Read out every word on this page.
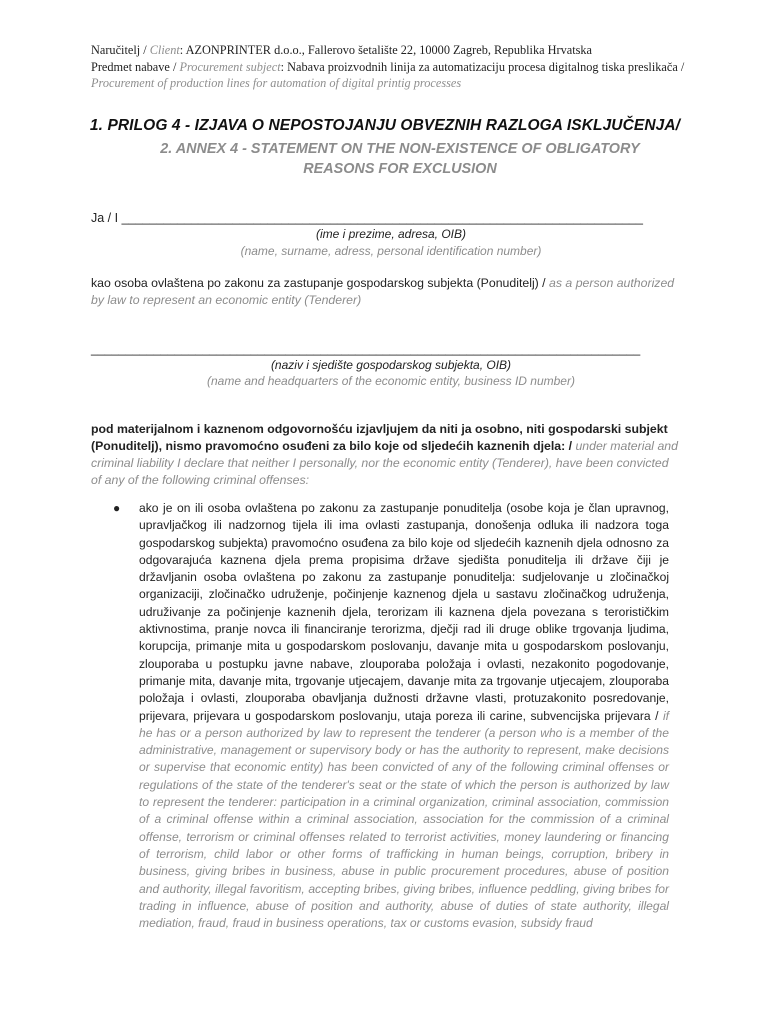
Naručitelj / Client: AZONPRINTER d.o.o., Fallerovo šetalište 22, 10000 Zagreb, Republika Hrvatska
Predmet nabave / Procurement subject: Nabava proizvodnih linija za automatizaciju procesa digitalnog tiska preslikača / Procurement of production lines for automation of digital printig processes
1. PRILOG 4 - IZJAVA O NEPOSTOJANJU OBVEZNIH RAZLOGA ISKLJUČENJA/
2. ANNEX 4 - STATEMENT ON THE NON-EXISTENCE OF OBLIGATORY REASONS FOR EXCLUSION
Ja / I ___________________________________________________________________________
(ime i prezime, adresa, OIB)
(name, surname, adress, personal identification number)
kao osoba ovlaštena po zakonu za zastupanje gospodarskog subjekta (Ponuditelj) / as a person authorized by law to represent an economic entity (Tenderer)
_______________________________________________________________________________
(naziv i sjedište gospodarskog subjekta, OIB)
(name and headquarters of the economic entity, business ID number)
pod materijalnom i kaznenom odgovornošću izjavljujem da niti ja osobno, niti gospodarski subjekt (Ponuditelj), nismo pravomoćno osuđeni za bilo koje od sljedećih kaznenih djela: / under material and criminal liability I declare that neither I personally, nor the economic entity (Tenderer), have been convicted of any of the following criminal offenses:
● ako je on ili osoba ovlaštena po zakonu za zastupanje ponuditelja (osobe koja je član upravnog, upravljačkog ili nadzornog tijela ili ima ovlasti zastupanja, donošenja odluka ili nadzora toga gospodarskog subjekta) pravomoćno osuđena za bilo koje od sljedećih kaznenih djela odnosno za odgovarajuća kaznena djela prema propisima države sjedišta ponuditelja ili države čiji je državljanin osoba ovlaštena po zakonu za zastupanje ponuditelja: sudjelovanje u zločinačkoj organizaciji, zločinačko udruženje, počinjenje kaznenog djela u sastavu zločinačkog udruženja, udruživanje za počinjenje kaznenih djela, terorizam ili kaznena djela povezana s terorističkim aktivnostima, pranje novca ili financiranje terorizma, dječji rad ili druge oblike trgovanja ljudima, korupcija, primanje mita u gospodarskom poslovanju, davanje mita u gospodarskom poslovanju, zlouporaba u postupku javne nabave, zlouporaba položaja i ovlasti, nezakonito pogodovanje, primanje mita, davanje mita, trgovanje utjecajem, davanje mita za trgovanje utjecajem, zlouporaba položaja i ovlasti, zlouporaba obavljanja dužnosti državne vlasti, protuzakonito posredovanje, prijevara, prijevara u gospodarskom poslovanju, utaja poreza ili carine, subvencijska prijevara / if he has or a person authorized by law to represent the tenderer (a person who is a member of the administrative, management or supervisory body or has the authority to represent, make decisions or supervise that economic entity) has been convicted of any of the following criminal offenses or regulations of the state of the tenderer's seat or the state of which the person is authorized by law to represent the tenderer: participation in a criminal organization, criminal association, commission of a criminal offense within a criminal association, association for the commission of a criminal offense, terrorism or criminal offenses related to terrorist activities, money laundering or financing of terrorism, child labor or other forms of trafficking in human beings, corruption, bribery in business, giving bribes in business, abuse in public procurement procedures, abuse of position and authority, illegal favoritism, accepting bribes, giving bribes, influence peddling, giving bribes for trading in influence, abuse of position and authority, abuse of duties of state authority, illegal mediation, fraud, fraud in business operations, tax or customs evasion, subsidy fraud
